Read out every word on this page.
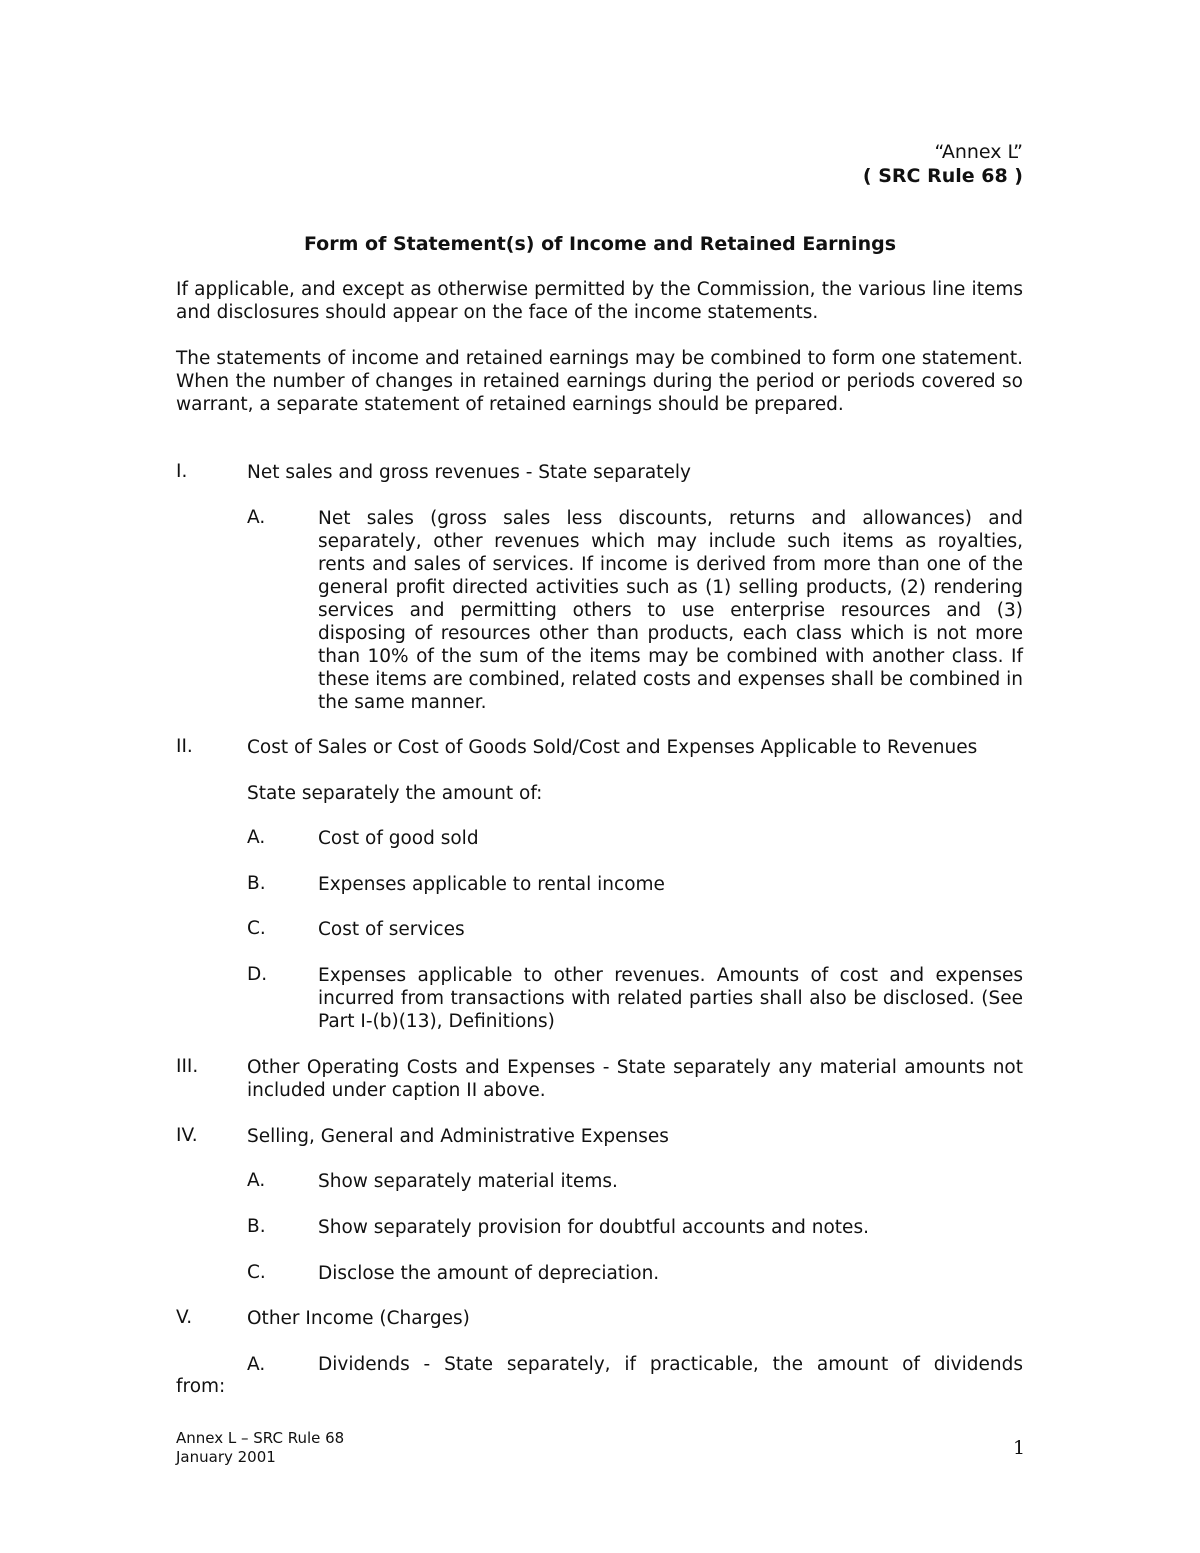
“Annex L”
( SRC Rule 68 )
Form of Statement(s) of Income and Retained Earnings
If applicable, and except as otherwise permitted by the Commission, the various line items and disclosures should appear on the face of the income statements.
The statements of income and retained earnings may be combined to form one statement. When the number of changes in retained earnings during the period or periods covered so warrant, a separate statement of retained earnings should be prepared.
I.	Net sales and gross revenues - State separately
A.	Net sales (gross sales less discounts, returns and allowances) and separately, other revenues which may include such items as royalties, rents and sales of services. If income is derived from more than one of the general profit directed activities such as (1) selling products, (2) rendering services and permitting others to use enterprise resources and (3) disposing of resources other than products, each class which is not more than 10% of the sum of the items may be combined with another class. If these items are combined, related costs and expenses shall be combined in the same manner.
II.	Cost of Sales or Cost of Goods Sold/Cost and Expenses Applicable to Revenues
State separately the amount of:
A.	Cost of good sold
B.	Expenses applicable to rental income
C.	Cost of services
D.	Expenses applicable to other revenues. Amounts of cost and expenses incurred from transactions with related parties shall also be disclosed. (See Part I-(b)(13), Definitions)
III.	Other Operating Costs and Expenses - State separately any material amounts not included under caption II above.
IV.	Selling, General and Administrative Expenses
A.	Show separately material items.
B.	Show separately provision for doubtful accounts and notes.
C.	Disclose the amount of depreciation.
V.	Other Income (Charges)
A.	Dividends - State separately, if practicable, the amount of dividends
from:
Annex L – SRC Rule 68
January 2001	1
